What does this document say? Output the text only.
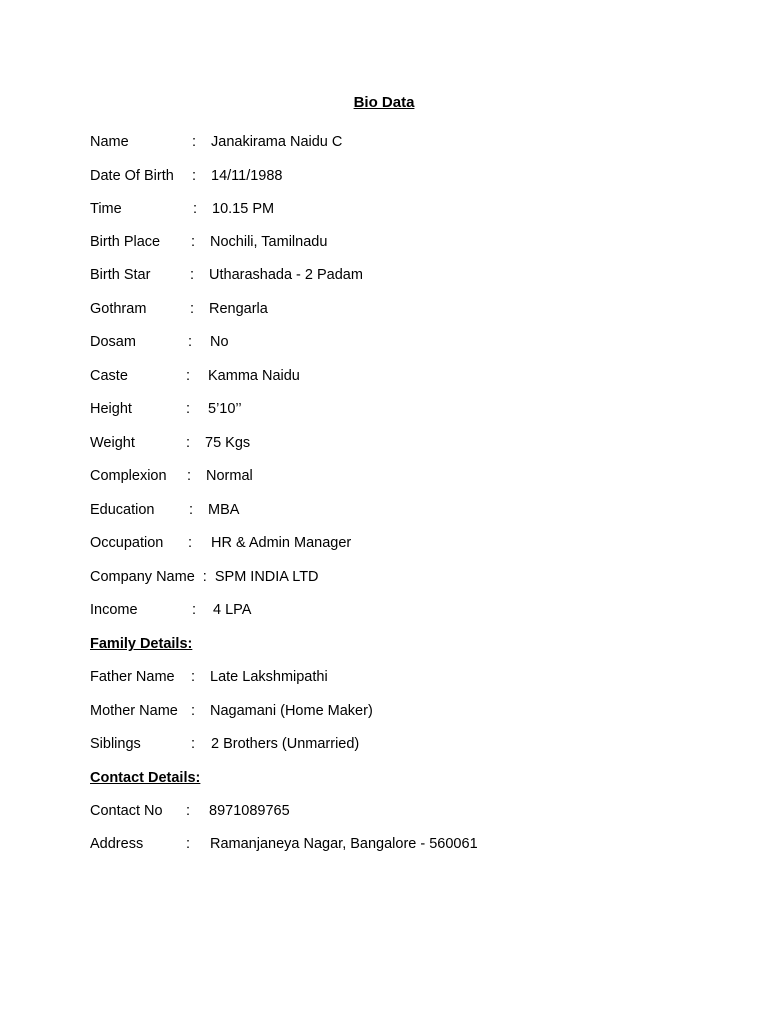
Bio Data
Name	: Janakirama Naidu C
Date Of Birth : 14/11/1988
Time	: 10.15 PM
Birth Place : Nochili, Tamilnadu
Birth Star	: Utharashada - 2 Padam
Gothram	: Rengarla
Dosam	: No
Caste	: Kamma Naidu
Height	: 5’10’’
Weight	: 75 Kgs
Complexion : Normal
Education : MBA
Occupation : HR & Admin Manager
Company Name : SPM INDIA LTD
Income	: 4 LPA
Family Details:
Father Name : Late Lakshmipathi
Mother Name : Nagamani (Home Maker)
Siblings	: 2 Brothers (Unmarried)
Contact Details:
Contact No : 8971089765
Address	: Ramanjaneya Nagar, Bangalore - 560061
